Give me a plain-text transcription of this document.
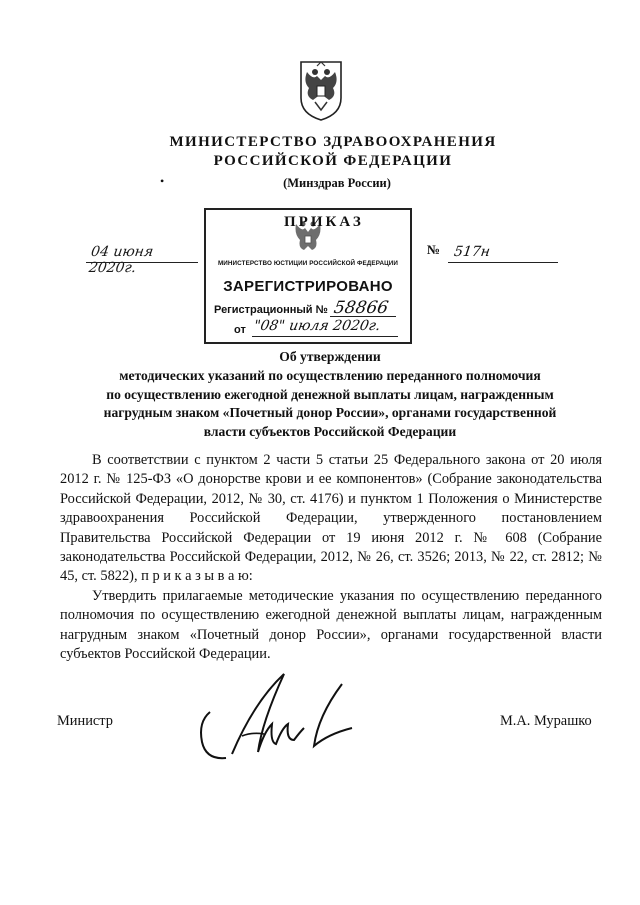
МИНИСТЕРСТВО ЗДРАВООХРАНЕНИЯ
РОССИЙСКОЙ ФЕДЕРАЦИИ
(Минздрав России)
•
МИНИСТЕРСТВО ЮСТИЦИИ РОССИЙСКОЙ ФЕДЕРАЦИИ
ЗАРЕГИСТРИРОВАНО
Регистрационный № 58866
от "08" июля 2020г.
ПРИКАЗ
04 июня 2020г.
№ 517н
Об утверждении
методических указаний по осуществлению переданного полномочия
по осуществлению ежегодной денежной выплаты лицам, награжденным
нагрудным знаком «Почетный донор России», органами государственной
власти субъектов Российской Федерации

В соответствии с пунктом 2 части 5 статьи 25 Федерального закона от 20 июля 2012 г. № 125-ФЗ «О донорстве крови и ее компонентов» (Собрание законодательства Российской Федерации, 2012, № 30, ст. 4176) и пунктом 1 Положения о Министерстве здравоохранения Российской Федерации, утвержденного постановлением Правительства Российской Федерации от 19 июня 2012 г. № 608 (Собрание законодательства Российской Федерации, 2012, № 26, ст. 3526; 2013, № 22, ст. 2812; № 45, ст. 5822), п р и к а з ы в а ю:

Утвердить прилагаемые методические указания по осуществлению переданного полномочия по осуществлению ежегодной денежной выплаты лицам, награжденным нагрудным знаком «Почетный донор России», органами государственной власти субъектов Российской Федерации.

Министр	М.А. Мурашко
